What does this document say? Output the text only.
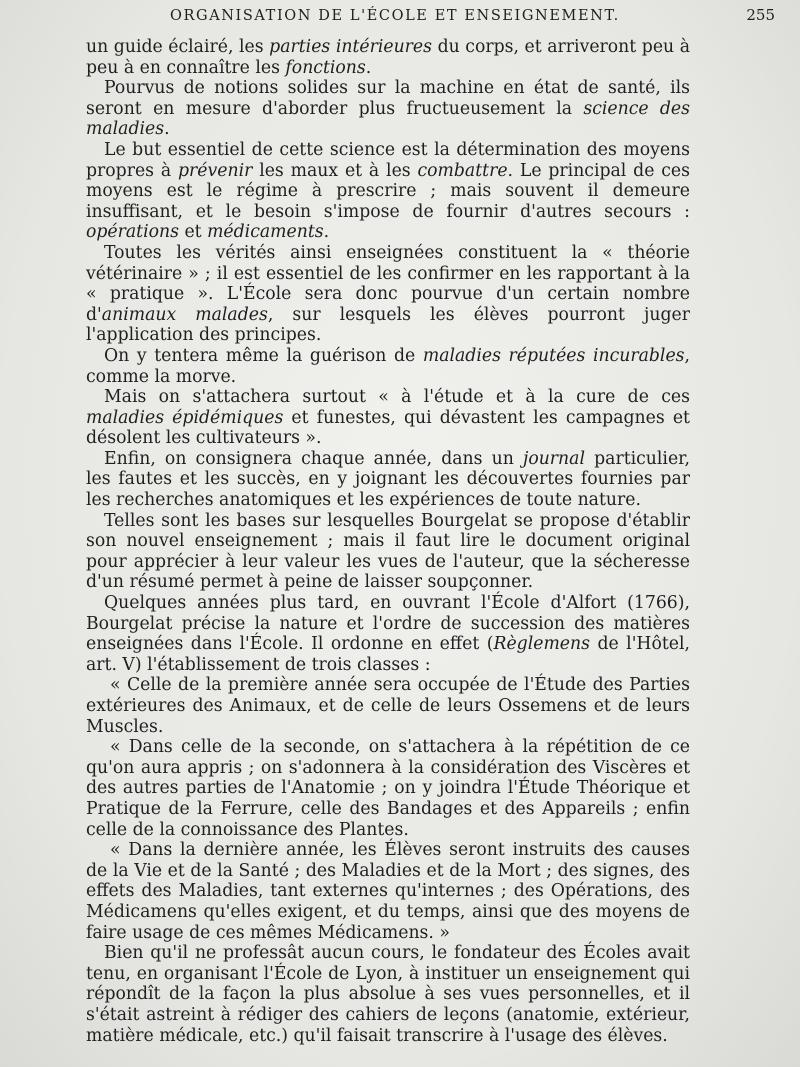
ORGANISATION DE L'ÉCOLE ET ENSEIGNEMENT.	255

un guide éclairé, les parties intérieures du corps, et arriveront peu à peu à en connaître les fonctions.

Pourvus de notions solides sur la machine en état de santé, ils seront en mesure d'aborder plus fructueusement la science des maladies.

Le but essentiel de cette science est la détermination des moyens propres à prévenir les maux et à les combattre. Le principal de ces moyens est le régime à prescrire ; mais souvent il demeure insuffisant, et le besoin s'impose de fournir d'autres secours : opérations et médicaments.

Toutes les vérités ainsi enseignées constituent la « théorie vétérinaire » ; il est essentiel de les confirmer en les rapportant à la « pratique ». L'École sera donc pourvue d'un certain nombre d'animaux malades, sur lesquels les élèves pourront juger l'application des principes.

On y tentera même la guérison de maladies réputées incurables, comme la morve.

Mais on s'attachera surtout « à l'étude et à la cure de ces maladies épidémiques et funestes, qui dévastent les campagnes et désolent les cultivateurs ».

Enfin, on consignera chaque année, dans un journal particulier, les fautes et les succès, en y joignant les découvertes fournies par les recherches anatomiques et les expériences de toute nature.

Telles sont les bases sur lesquelles Bourgelat se propose d'établir son nouvel enseignement ; mais il faut lire le document original pour apprécier à leur valeur les vues de l'auteur, que la sécheresse d'un résumé permet à peine de laisser soupçonner.

Quelques années plus tard, en ouvrant l'École d'Alfort (1766), Bourgelat précise la nature et l'ordre de succession des matières enseignées dans l'École. Il ordonne en effet (Règlemens de l'Hôtel, art. V) l'établissement de trois classes :

« Celle de la première année sera occupée de l'Étude des Parties extérieures des Animaux, et de celle de leurs Ossemens et de leurs Muscles.

« Dans celle de la seconde, on s'attachera à la répétition de ce qu'on aura appris ; on s'adonnera à la considération des Viscères et des autres parties de l'Anatomie ; on y joindra l'Étude Théorique et Pratique de la Ferrure, celle des Bandages et des Appareils ; enfin celle de la connoissance des Plantes.

« Dans la dernière année, les Élèves seront instruits des causes de la Vie et de la Santé ; des Maladies et de la Mort ; des signes, des effets des Maladies, tant externes qu'internes ; des Opérations, des Médicamens qu'elles exigent, et du temps, ainsi que des moyens de faire usage de ces mêmes Médicamens. »

Bien qu'il ne professât aucun cours, le fondateur des Écoles avait tenu, en organisant l'École de Lyon, à instituer un enseignement qui répondît de la façon la plus absolue à ses vues personnelles, et il s'était astreint à rédiger des cahiers de leçons (anatomie, extérieur, matière médicale, etc.) qu'il faisait transcrire à l'usage des élèves.
